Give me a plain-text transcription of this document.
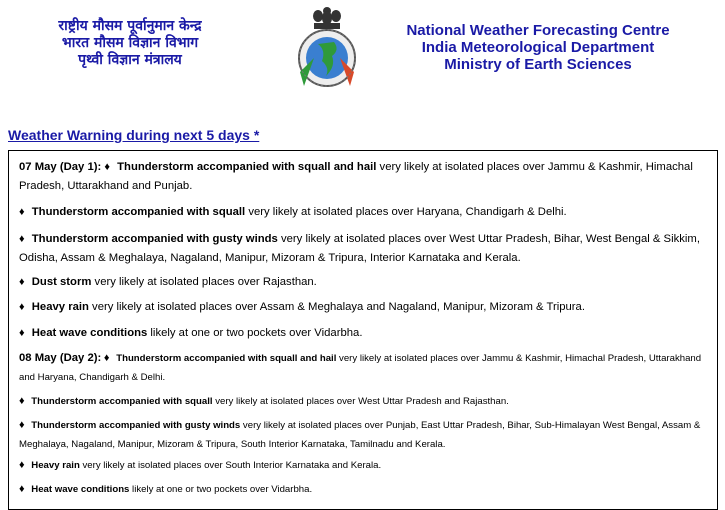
राष्ट्रीय मौसम पूर्वानुमान केन्द्र
भारत मौसम विज्ञान विभाग
पृथ्वी विज्ञान मंत्रालय
National Weather Forecasting Centre
India Meteorological Department
Ministry of Earth Sciences
Weather Warning during next 5 days *
07 May (Day 1): ♦ Thunderstorm accompanied with squall and hail very likely at isolated places over Jammu & Kashmir, Himachal Pradesh, Uttarakhand and Punjab.
♦ Thunderstorm accompanied with squall very likely at isolated places over Haryana, Chandigarh & Delhi.
♦ Thunderstorm accompanied with gusty winds very likely at isolated places over West Uttar Pradesh, Bihar, West Bengal & Sikkim, Odisha, Assam & Meghalaya, Nagaland, Manipur, Mizoram & Tripura, Interior Karnataka and Kerala.
♦ Dust storm very likely at isolated places over Rajasthan.
♦ Heavy rain very likely at isolated places over Assam & Meghalaya and Nagaland, Manipur, Mizoram & Tripura.
♦ Heat wave conditions likely at one or two pockets over Vidarbha.
08 May (Day 2): ♦ Thunderstorm accompanied with squall and hail very likely at isolated places over Jammu & Kashmir, Himachal Pradesh, Uttarakhand and Haryana, Chandigarh & Delhi.
♦ Thunderstorm accompanied with squall very likely at isolated places over West Uttar Pradesh and Rajasthan.
♦ Thunderstorm accompanied with gusty winds very likely at isolated places over Punjab, East Uttar Pradesh, Bihar, Sub-Himalayan West Bengal, Assam & Meghalaya, Nagaland, Manipur, Mizoram & Tripura, South Interior Karnataka, Tamilnadu and Kerala.
♦ Heavy rain very likely at isolated places over South Interior Karnataka and Kerala.
♦ Heat wave conditions likely at one or two pockets over Vidarbha.
